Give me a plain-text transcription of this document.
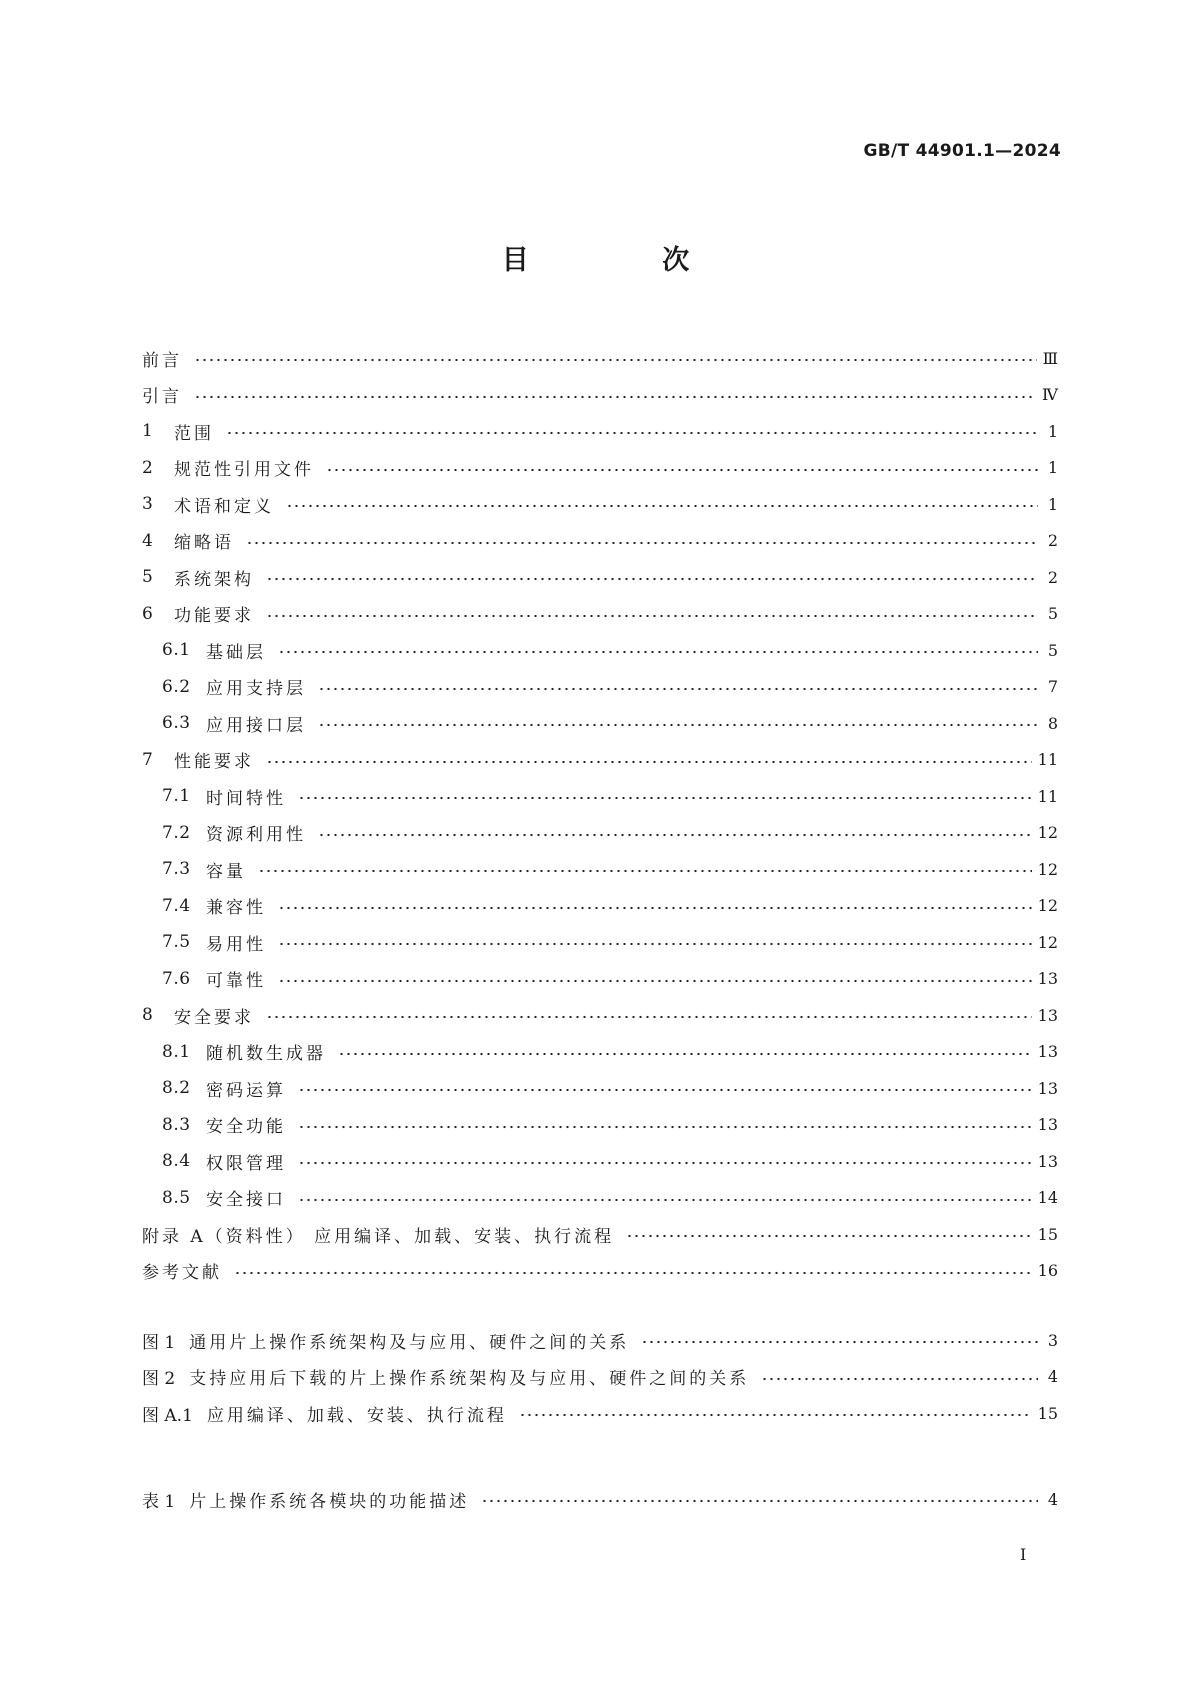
GB/T 44901.1—2024
目 次
前言	Ⅲ
引言	Ⅳ
1	范围	1
2	规范性引用文件	1
3	术语和定义	1
4	缩略语	2
5	系统架构	2
6	功能要求	5
6.1 基础层	5
6.2 应用支持层	7
6.3 应用接口层	8
7	性能要求	11
7.1 时间特性	11
7.2 资源利用性	12
7.3 容量	12
7.4 兼容性	12
7.5 易用性	12
7.6 可靠性	13
8	安全要求	13
8.1 随机数生成器	13
8.2 密码运算	13
8.3 安全功能	13
8.4 权限管理	13
8.5 安全接口	14
附录 A（资料性） 应用编译、加载、安装、执行流程	15
参考文献	16
图 1 通用片上操作系统架构及与应用、硬件之间的关系	3
图 2 支持应用后下载的片上操作系统架构及与应用、硬件之间的关系	4
图 A.1 应用编译、加载、安装、执行流程	15
表 1 片上操作系统各模块的功能描述	4
I
